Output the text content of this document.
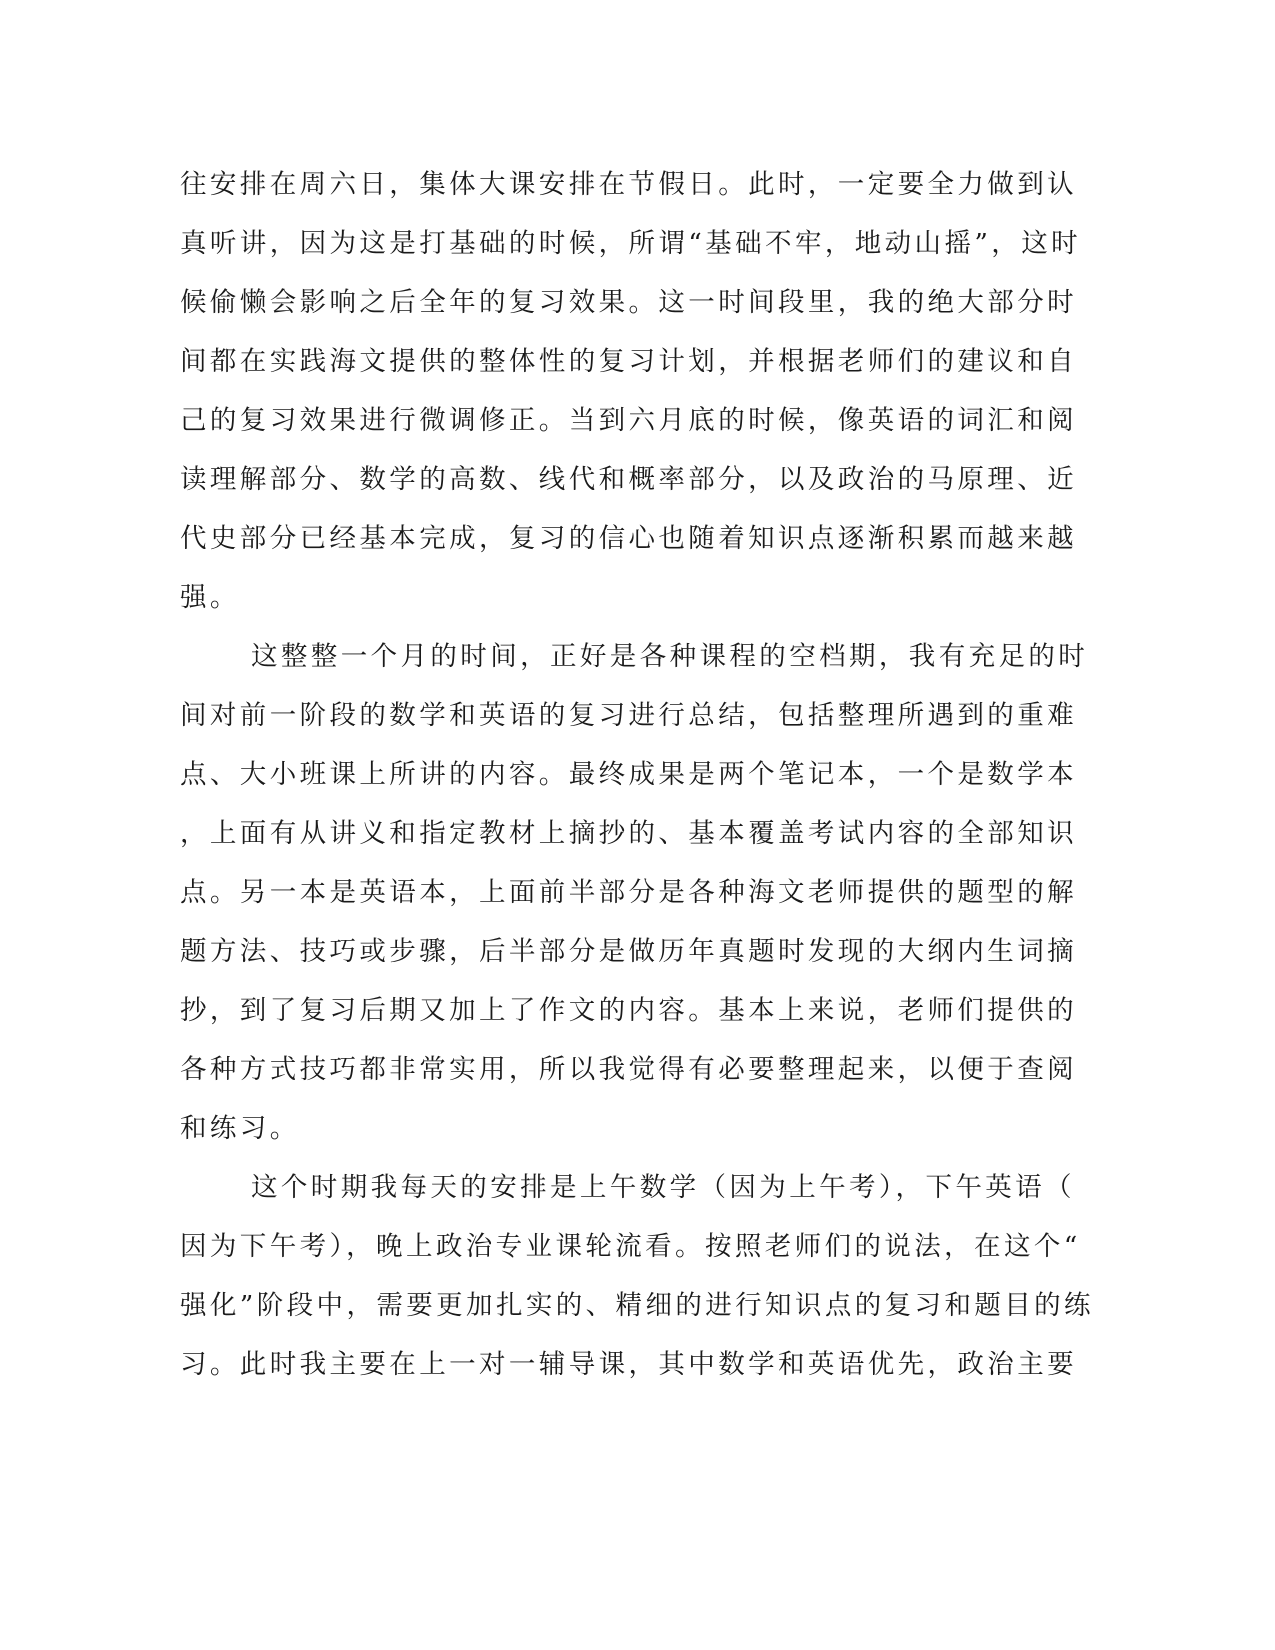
往安排在周六日，集体大课安排在节假日。此时，一定要全力做到认
真听讲，因为这是打基础的时候，所谓“基础不牢，地动山摇”，这时
候偷懒会影响之后全年的复习效果。这一时间段里，我的绝大部分时
间都在实践海文提供的整体性的复习计划，并根据老师们的建议和自
己的复习效果进行微调修正。当到六月底的时候，像英语的词汇和阅
读理解部分、数学的高数、线代和概率部分，以及政治的马原理、近
代史部分已经基本完成，复习的信心也随着知识点逐渐积累而越来越
强。
这整整一个月的时间，正好是各种课程的空档期，我有充足的时
间对前一阶段的数学和英语的复习进行总结，包括整理所遇到的重难
点、大小班课上所讲的内容。最终成果是两个笔记本，一个是数学本
，上面有从讲义和指定教材上摘抄的、基本覆盖考试内容的全部知识
点。另一本是英语本，上面前半部分是各种海文老师提供的题型的解
题方法、技巧或步骤，后半部分是做历年真题时发现的大纲内生词摘
抄，到了复习后期又加上了作文的内容。基本上来说，老师们提供的
各种方式技巧都非常实用，所以我觉得有必要整理起来，以便于查阅
和练习。
这个时期我每天的安排是上午数学（因为上午考），下午英语（
因为下午考），晚上政治专业课轮流看。按照老师们的说法，在这个“
强化”阶段中，需要更加扎实的、精细的进行知识点的复习和题目的练
习。此时我主要在上一对一辅导课，其中数学和英语优先，政治主要
